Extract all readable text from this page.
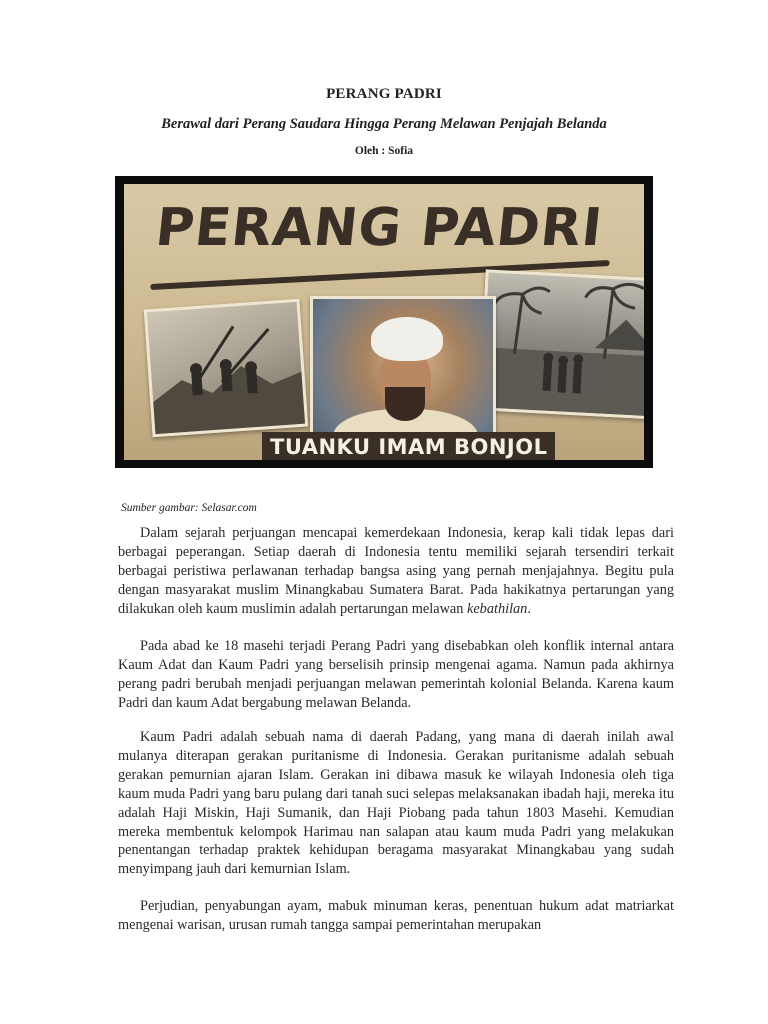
PERANG PADRI
Berawal dari Perang Saudara Hingga Perang Melawan Penjajah Belanda
Oleh : Sofia
PERANG PADRI
TUANKU IMAM BONJOL
Sumber gambar: Selasar.com
Dalam sejarah perjuangan mencapai kemerdekaan Indonesia, kerap kali tidak lepas dari berbagai peperangan. Setiap daerah di Indonesia tentu memiliki sejarah tersendiri terkait berbagai peristiwa perlawanan terhadap bangsa asing yang pernah menjajahnya. Begitu pula dengan masyarakat muslim Minangkabau Sumatera Barat. Pada hakikatnya pertarungan yang dilakukan oleh kaum muslimin adalah pertarungan melawan kebathilan.
Pada abad ke 18 masehi terjadi Perang Padri yang disebabkan oleh konflik internal antara Kaum Adat dan Kaum Padri yang berselisih prinsip mengenai agama. Namun pada akhirnya perang padri berubah menjadi perjuangan melawan pemerintah kolonial Belanda. Karena kaum Padri dan kaum Adat bergabung melawan Belanda.
Kaum Padri adalah sebuah nama di daerah Padang, yang mana di daerah inilah awal mulanya diterapan gerakan puritanisme di Indonesia. Gerakan puritanisme adalah sebuah gerakan pemurnian ajaran Islam. Gerakan ini dibawa masuk ke wilayah Indonesia oleh tiga kaum muda Padri yang baru pulang dari tanah suci selepas melaksanakan ibadah haji, mereka itu adalah Haji Miskin, Haji Sumanik, dan Haji Piobang pada tahun 1803 Masehi. Kemudian mereka membentuk kelompok Harimau nan salapan atau kaum muda Padri yang melakukan penentangan terhadap praktek kehidupan beragama masyarakat Minangkabau yang sudah menyimpang jauh dari kemurnian Islam.
Perjudian, penyabungan ayam, mabuk minuman keras, penentuan hukum adat matriarkat mengenai warisan, urusan rumah tangga sampai pemerintahan merupakan
